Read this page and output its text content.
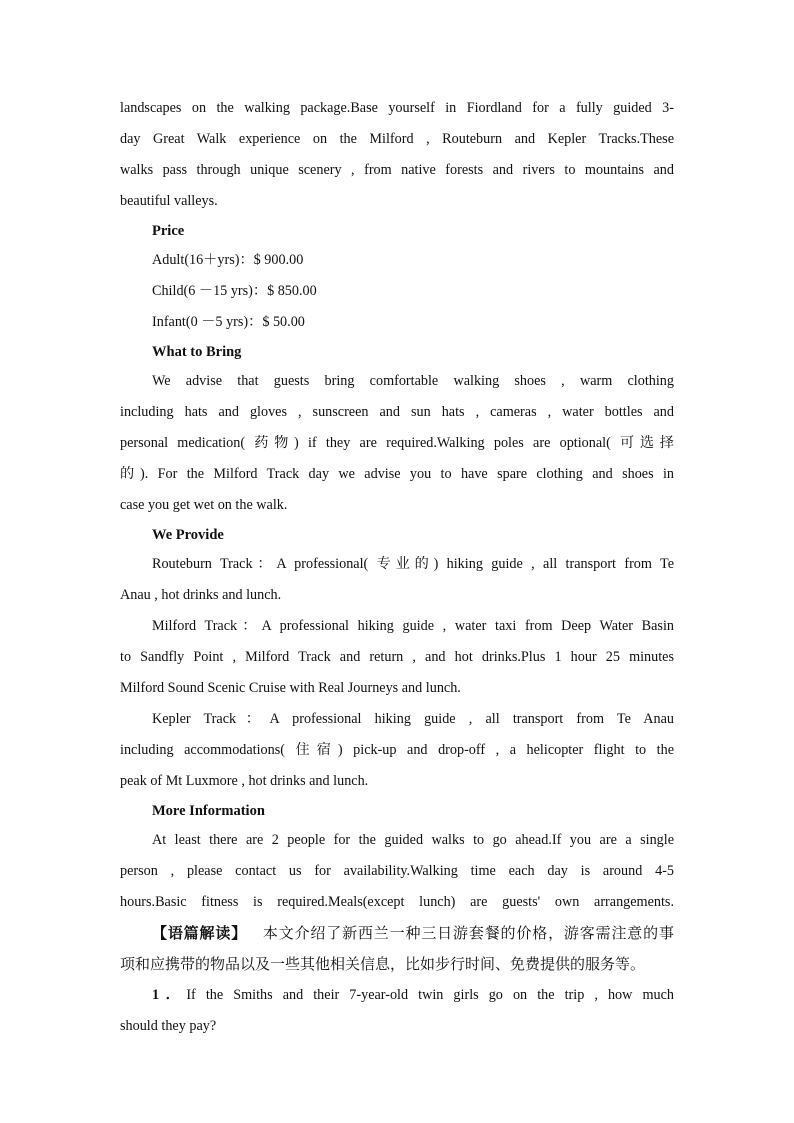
landscapes on the walking package.Base yourself in Fiordland for a fully guided 3-
day Great Walk experience on the Milford , Routeburn and Kepler Tracks.These
walks pass through unique scenery , from native forests and rivers to mountains and
beautiful valleys.
Price
Adult(16＋yrs)：$ 900.00
Child(6 －15 yrs)：$ 850.00
Infant(0 －5 yrs)：$ 50.00
What to Bring
We advise that guests bring comfortable walking shoes , warm clothing
including hats and gloves , sunscreen and sun hats , cameras , water bottles and
personal medication( 药物) if they are required.Walking poles are optional( 可选择
的). For the Milford Track day we advise you to have spare clothing and shoes in
case you get wet on the walk.
We Provide
Routeburn Track：A professional( 专业的) hiking guide , all transport from Te
Anau , hot drinks and lunch.
Milford Track：A professional hiking guide , water taxi from Deep Water Basin
to Sandfly Point , Milford Track and return , and hot drinks.Plus 1 hour 25 minutes
Milford Sound Scenic Cruise with Real Journeys and lunch.
Kepler Track：A professional hiking guide , all transport from Te Anau
including accommodations( 住宿) pick-up and drop-off , a helicopter flight to the
peak of Mt Luxmore , hot drinks and lunch.
More Information
At least there are 2 people for the guided walks to go ahead.If you are a single
person , please contact us for availability.Walking time each day is around 4-5
hours.Basic fitness is required.Meals(except lunch) are guests' own arrangements.
【语篇解读】  本文介绍了新西兰一种三日游套餐的价格，游客需注意的事
项和应携带的物品以及一些其他相关信息，比如步行时间、免费提供的服务等。
1．If the Smiths and their 7-year-old twin girls go on the trip , how much
should they pay?
